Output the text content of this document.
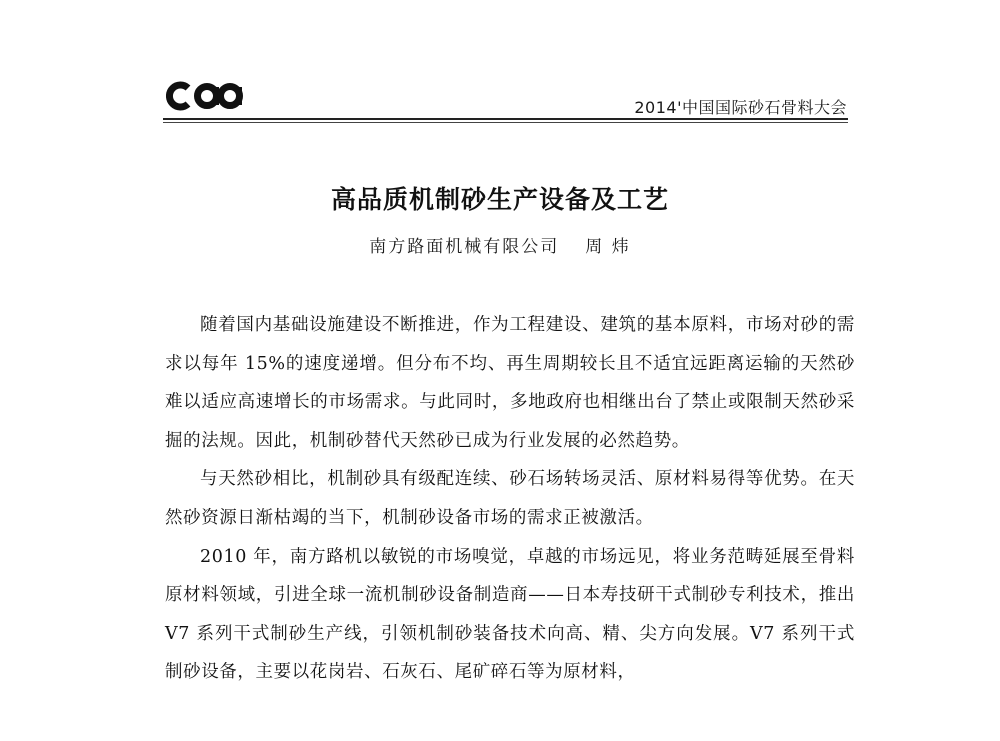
2014'中国国际砂石骨料大会
高品质机制砂生产设备及工艺
南方路面机械有限公司 周 炜

随着国内基础设施建设不断推进，作为工程建设、建筑的基本原料，市场对砂的需求以每年 15%的速度递增。但分布不均、再生周期较长且不适宜远距离运输的天然砂难以适应高速增长的市场需求。与此同时，多地政府也相继出台了禁止或限制天然砂采掘的法规。因此，机制砂替代天然砂已成为行业发展的必然趋势。

与天然砂相比，机制砂具有级配连续、砂石场转场灵活、原材料易得等优势。在天然砂资源日渐枯竭的当下，机制砂设备市场的需求正被激活。

2010 年，南方路机以敏锐的市场嗅觉，卓越的市场远见，将业务范畴延展至骨料原材料领域，引进全球一流机制砂设备制造商——日本寿技研干式制砂专利技术，推出 V7 系列干式制砂生产线，引领机制砂装备技术向高、精、尖方向发展。V7 系列干式制砂设备，主要以花岗岩、石灰石、尾矿碎石等为原材料，
